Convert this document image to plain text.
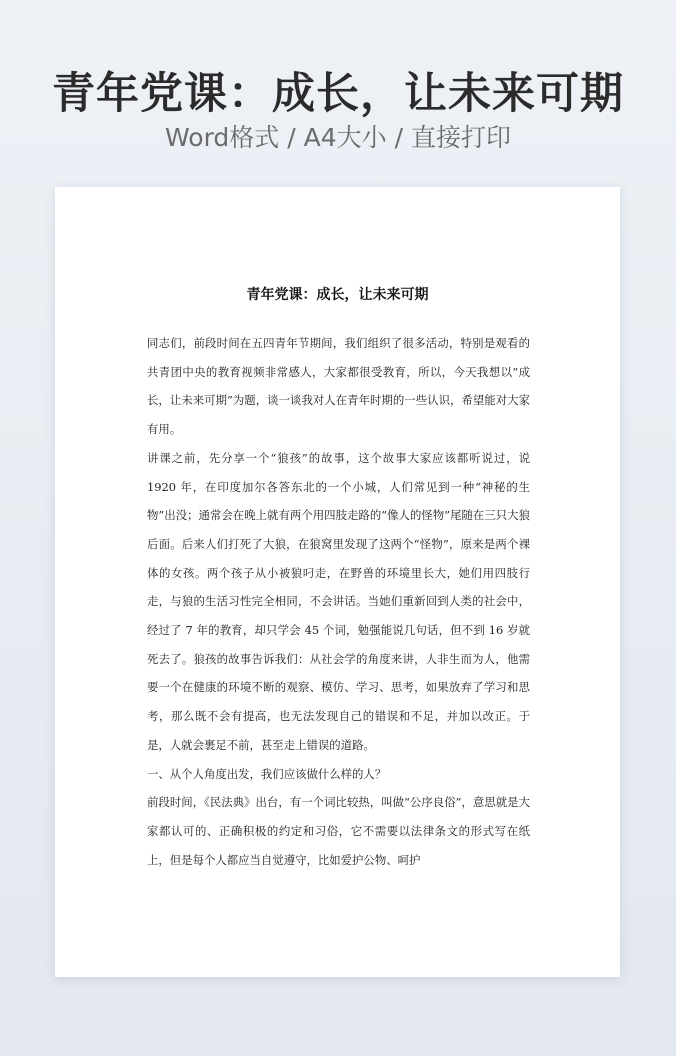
青年党课：成长，让未来可期
Word格式 / A4大小 / 直接打印
青年党课：成长，让未来可期

同志们，前段时间在五四青年节期间，我们组织了很多活动，特别是观看的共青团中央的教育视频非常感人，大家都很受教育，所以，今天我想以“成长，让未来可期”为题，谈一谈我对人在青年时期的一些认识，希望能对大家有用。

讲课之前，先分享一个“狼孩”的故事，这个故事大家应该都听说过，说 1920 年，在印度加尔各答东北的一个小城，人们常见到一种“神秘的生物”出没；通常会在晚上就有两个用四肢走路的“像人的怪物”尾随在三只大狼后面。后来人们打死了大狼，在狼窝里发现了这两个“怪物”，原来是两个裸体的女孩。两个孩子从小被狼叼走，在野兽的环境里长大，她们用四肢行走，与狼的生活习性完全相同，不会讲话。当她们重新回到人类的社会中，经过了 7 年的教育，却只学会 45 个词，勉强能说几句话，但不到 16 岁就死去了。狼孩的故事告诉我们：从社会学的角度来讲，人非生而为人，他需要一个在健康的环境不断的观察、模仿、学习、思考，如果放弃了学习和思考，那么既不会有提高，也无法发现自己的错误和不足，并加以改正。于是，人就会裹足不前，甚至走上错误的道路。

一、从个人角度出发，我们应该做什么样的人？

前段时间，《民法典》出台，有一个词比较热，叫做“公序良俗”，意思就是大家都认可的、正确积极的约定和习俗，它不需要以法律条文的形式写在纸上，但是每个人都应当自觉遵守，比如爱护公物、呵护
